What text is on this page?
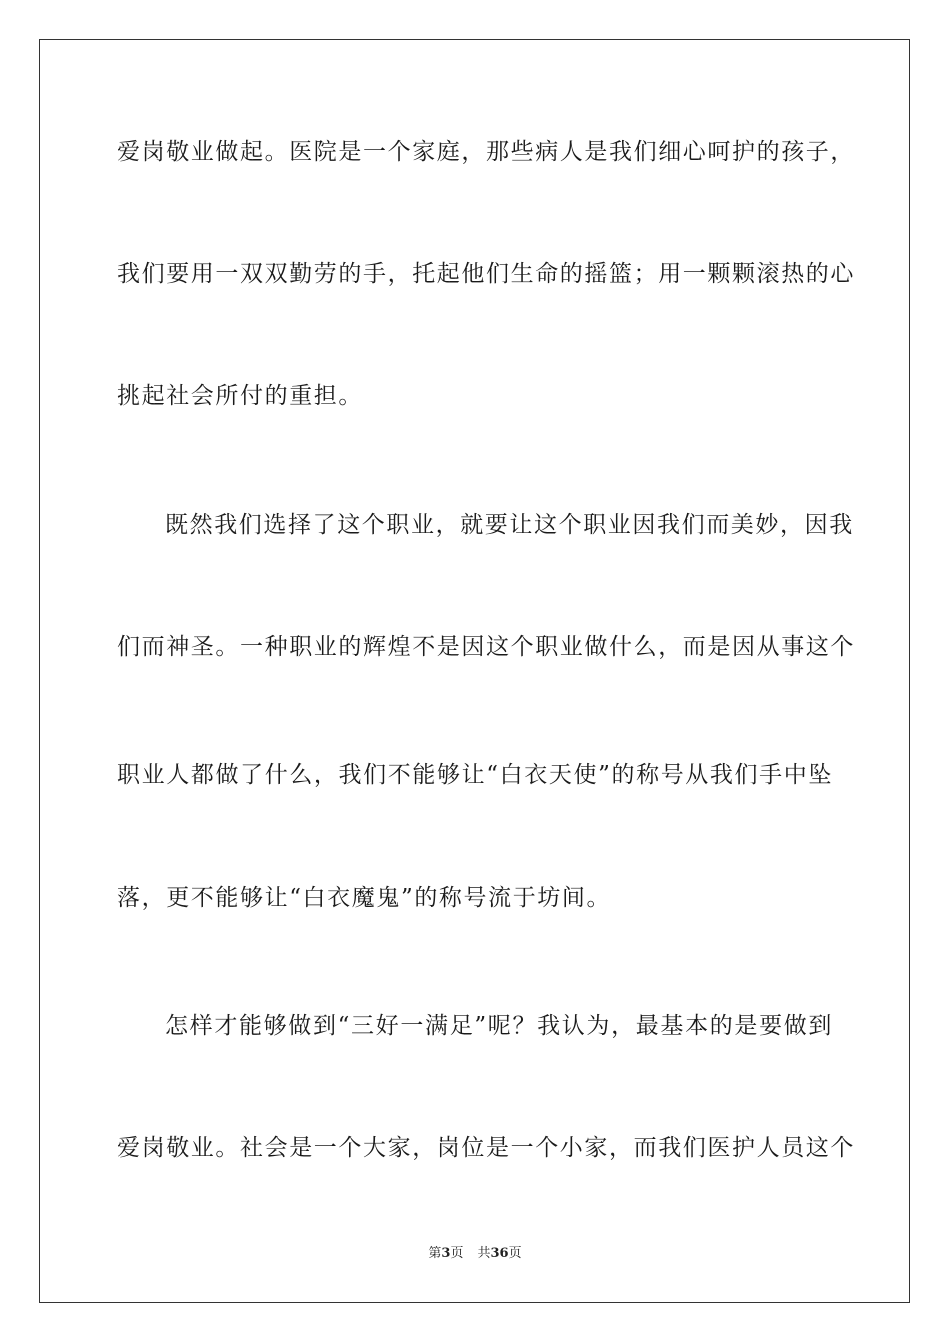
爱岗敬业做起。医院是一个家庭，那些病人是我们细心呵护的孩子，
我们要用一双双勤劳的手，托起他们生命的摇篮；用一颗颗滚热的心
挑起社会所付的重担。
既然我们选择了这个职业，就要让这个职业因我们而美妙，因我
们而神圣。一种职业的辉煌不是因这个职业做什么，而是因从事这个
职业人都做了什么，我们不能够让“白衣天使”的称号从我们手中坠
落，更不能够让“白衣魔鬼”的称号流于坊间。
怎样才能够做到“三好一满足”呢？我认为，最基本的是要做到
爱岗敬业。社会是一个大家，岗位是一个小家，而我们医护人员这个
第3页 共36页
